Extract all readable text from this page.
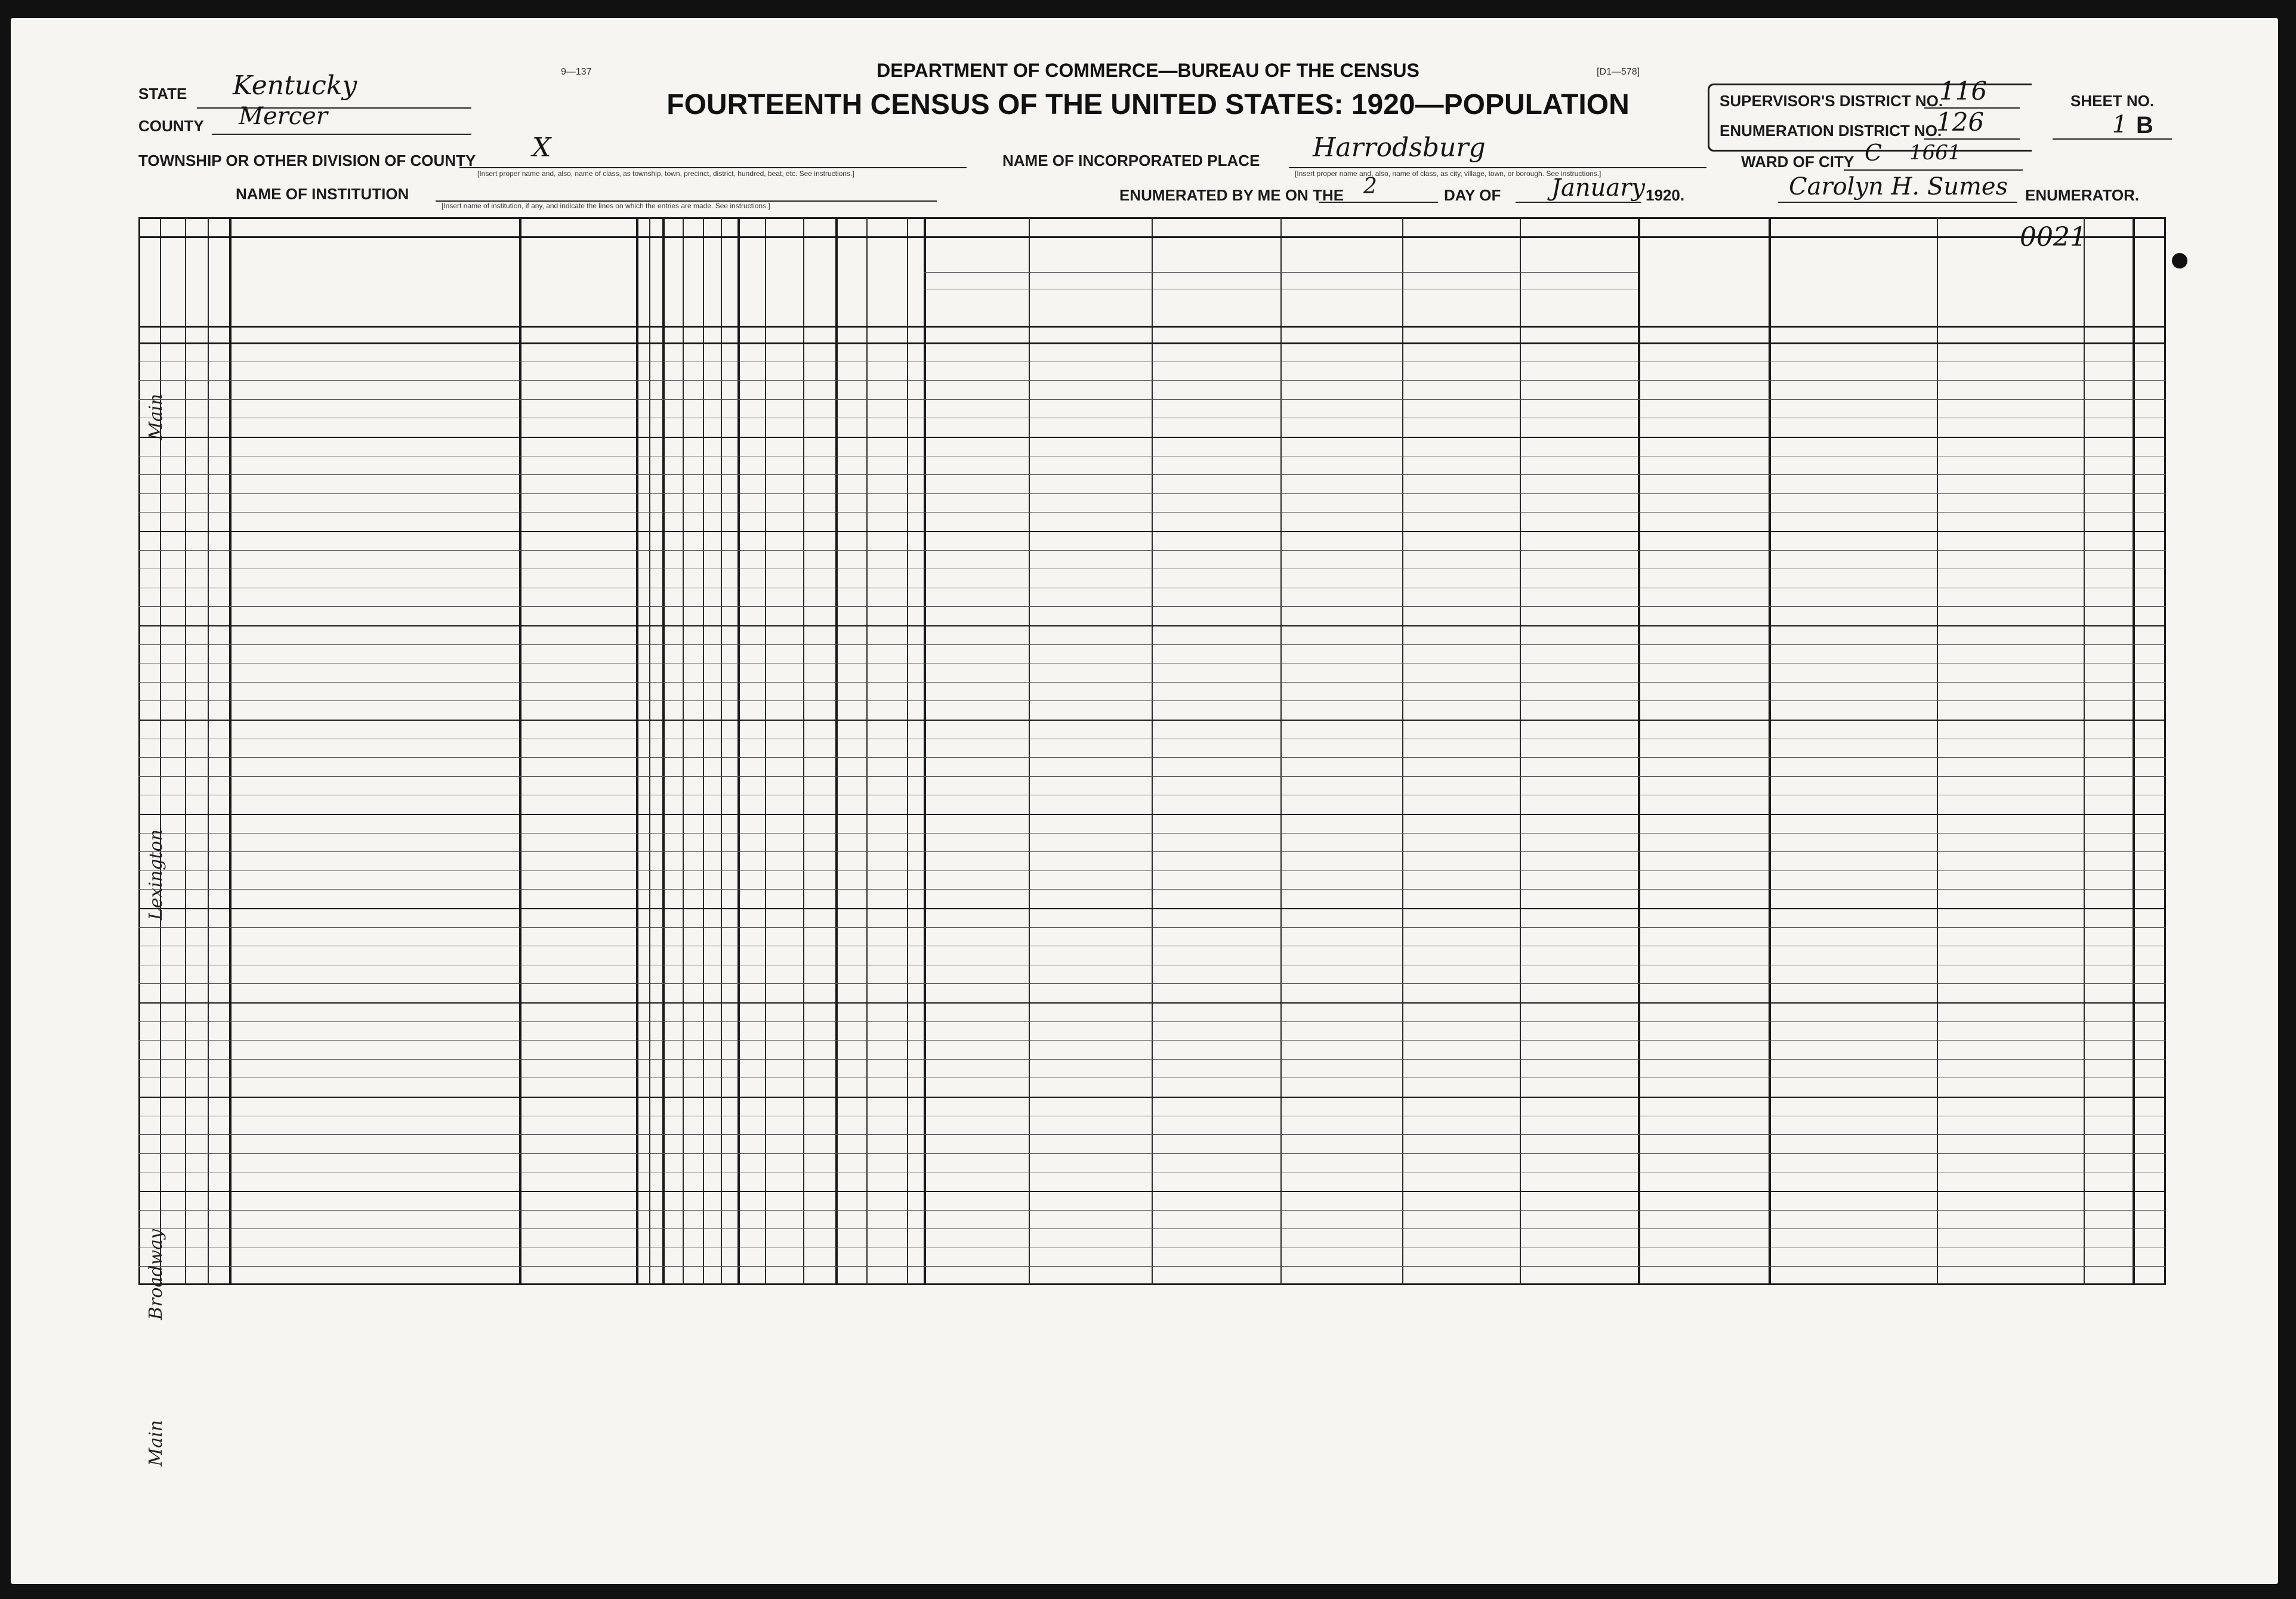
9—137	[D1—578]
DEPARTMENT OF COMMERCE—BUREAU OF THE CENSUS
FOURTEENTH CENSUS OF THE UNITED STATES: 1920—POPULATION
STATE Kentucky
COUNTY Mercer
TOWNSHIP OR OTHER DIVISION OF COUNTY X
[Insert proper name and, also, name of class, as township, town, precinct, district, hundred, beat, etc. See instructions.]
NAME OF INCORPORATED PLACE Harrodsburg
[Insert proper name and, also, name of class, as city, village, town, or borough. See instructions.]
NAME OF INSTITUTION
[Insert name of institution, if any, and indicate the lines on which the entries are made. See instructions.]
ENUMERATED BY ME ON THE 2	DAY OF January 1920.	Carolyn H. Sumes ENUMERATOR.
SUPERVISOR'S DISTRICT NO.
116
ENUMERATION DISTRICT NO.
126
SHEET NO.
1 B
WARD OF CITY C 1661
Main
Lexington
Broadway
Main
0021
